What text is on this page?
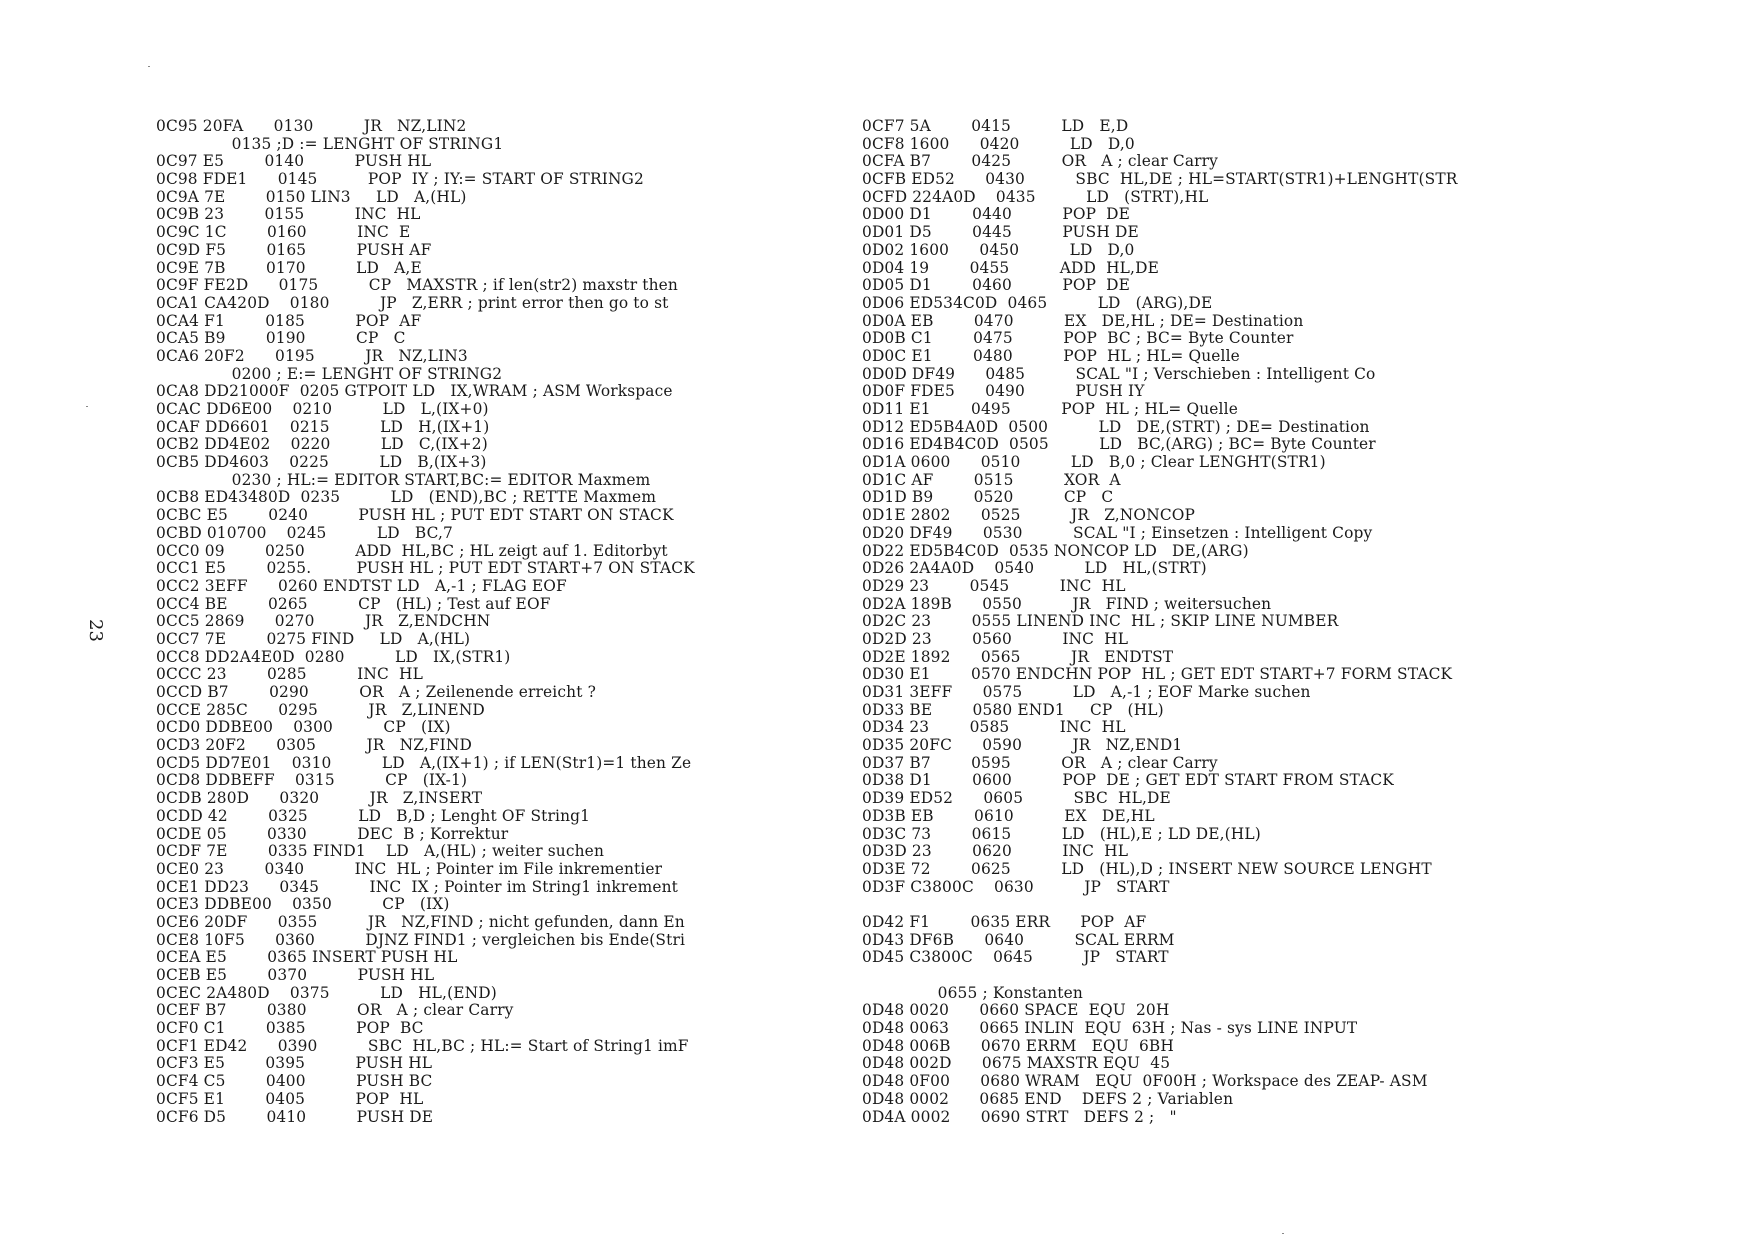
0C95 20FA      0130          JR   NZ,LIN2
0135 ;D := LENGHT OF STRING1
0C97 E5        0140          PUSH HL
0C98 FDE1      0145          POP  IY ; IY:= START OF STRING2
0C9A 7E        0150 LIN3     LD   A,(HL)
0C9B 23        0155          INC  HL
0C9C 1C        0160          INC  E
0C9D F5        0165          PUSH AF
0C9E 7B        0170          LD   A,E
0C9F FE2D      0175          CP   MAXSTR ; if len(str2) maxstr then
0CA1 CA420D    0180          JP   Z,ERR ; print error then go to st
0CA4 F1        0185          POP  AF
0CA5 B9        0190          CP   C
0CA6 20F2      0195          JR   NZ,LIN3
0200 ; E:= LENGHT OF STRING2
0CA8 DD21000F  0205 GTPOIT LD   IX,WRAM ; ASM Workspace
0CAC DD6E00    0210          LD   L,(IX+0)
0CAF DD6601    0215          LD   H,(IX+1)
0CB2 DD4E02    0220          LD   C,(IX+2)
0CB5 DD4603    0225          LD   B,(IX+3)
0230 ; HL:= EDITOR START,BC:= EDITOR Maxmem
0CB8 ED43480D  0235          LD   (END),BC ; RETTE Maxmem
0CBC E5        0240          PUSH HL ; PUT EDT START ON STACK
0CBD 010700    0245          LD   BC,7
0CC0 09        0250          ADD  HL,BC ; HL zeigt auf 1. Editorbyt
0CC1 E5        0255.         PUSH HL ; PUT EDT START+7 ON STACK
0CC2 3EFF      0260 ENDTST LD   A,-1 ; FLAG EOF
0CC4 BE        0265          CP   (HL) ; Test auf EOF
0CC5 2869      0270          JR   Z,ENDCHN
0CC7 7E        0275 FIND     LD   A,(HL)
0CC8 DD2A4E0D  0280          LD   IX,(STR1)
0CCC 23        0285          INC  HL
0CCD B7        0290          OR   A ; Zeilenende erreicht ?
0CCE 285C      0295          JR   Z,LINEND
0CD0 DDBE00    0300          CP   (IX)
0CD3 20F2      0305          JR   NZ,FIND
0CD5 DD7E01    0310          LD   A,(IX+1) ; if LEN(Str1)=1 then Ze
0CD8 DDBEFF    0315          CP   (IX-1)
0CDB 280D      0320          JR   Z,INSERT
0CDD 42        0325          LD   B,D ; Lenght OF String1
0CDE 05        0330          DEC  B ; Korrektur
0CDF 7E        0335 FIND1    LD   A,(HL) ; weiter suchen
0CE0 23        0340          INC  HL ; Pointer im File inkrementier
0CE1 DD23      0345          INC  IX ; Pointer im String1 inkrement
0CE3 DDBE00    0350          CP   (IX)
0CE6 20DF      0355          JR   NZ,FIND ; nicht gefunden, dann En
0CE8 10F5      0360          DJNZ FIND1 ; vergleichen bis Ende(Stri
0CEA E5        0365 INSERT PUSH HL
0CEB E5        0370          PUSH HL
0CEC 2A480D    0375          LD   HL,(END)
0CEF B7        0380          OR   A ; clear Carry
0CF0 C1        0385          POP  BC
0CF1 ED42      0390          SBC  HL,BC ; HL:= Start of String1 imF
0CF3 E5        0395          PUSH HL
0CF4 C5        0400          PUSH BC
0CF5 E1        0405          POP  HL
0CF6 D5        0410          PUSH DE
0CF7 5A        0415          LD   E,D
0CF8 1600      0420          LD   D,0
0CFA B7        0425          OR   A ; clear Carry
0CFB ED52      0430          SBC  HL,DE ; HL=START(STR1)+LENGHT(STR
0CFD 224A0D    0435          LD   (STRT),HL
0D00 D1        0440          POP  DE
0D01 D5        0445          PUSH DE
0D02 1600      0450          LD   D,0
0D04 19        0455          ADD  HL,DE
0D05 D1        0460          POP  DE
0D06 ED534C0D  0465          LD   (ARG),DE
0D0A EB        0470          EX   DE,HL ; DE= Destination
0D0B C1        0475          POP  BC ; BC= Byte Counter
0D0C E1        0480          POP  HL ; HL= Quelle
0D0D DF49      0485          SCAL "I ; Verschieben : Intelligent Co
0D0F FDE5      0490          PUSH IY
0D11 E1        0495          POP  HL ; HL= Quelle
0D12 ED5B4A0D  0500          LD   DE,(STRT) ; DE= Destination
0D16 ED4B4C0D  0505          LD   BC,(ARG) ; BC= Byte Counter
0D1A 0600      0510          LD   B,0 ; Clear LENGHT(STR1)
0D1C AF        0515          XOR  A
0D1D B9        0520          CP   C
0D1E 2802      0525          JR   Z,NONCOP
0D20 DF49      0530          SCAL "I ; Einsetzen : Intelligent Copy
0D22 ED5B4C0D  0535 NONCOP LD   DE,(ARG)
0D26 2A4A0D    0540          LD   HL,(STRT)
0D29 23        0545          INC  HL
0D2A 189B      0550          JR   FIND ; weitersuchen
0D2C 23        0555 LINEND INC  HL ; SKIP LINE NUMBER
0D2D 23        0560          INC  HL
0D2E 1892      0565          JR   ENDTST
0D30 E1        0570 ENDCHN POP  HL ; GET EDT START+7 FORM STACK
0D31 3EFF      0575          LD   A,-1 ; EOF Marke suchen
0D33 BE        0580 END1     CP   (HL)
0D34 23        0585          INC  HL
0D35 20FC      0590          JR   NZ,END1
0D37 B7        0595          OR   A ; clear Carry
0D38 D1        0600          POP  DE ; GET EDT START FROM STACK
0D39 ED52      0605          SBC  HL,DE
0D3B EB        0610          EX   DE,HL
0D3C 73        0615          LD   (HL),E ; LD DE,(HL)
0D3D 23        0620          INC  HL
0D3E 72        0625          LD   (HL),D ; INSERT NEW SOURCE LENGHT
0D3F C3800C    0630          JP   START
0D42 F1        0635 ERR      POP  AF
0D43 DF6B      0640          SCAL ERRM
0D45 C3800C    0645          JP   START
0655 ; Konstanten
0D48 0020      0660 SPACE  EQU  20H
0D48 0063      0665 INLIN  EQU  63H ; Nas - sys LINE INPUT
0D48 006B      0670 ERRM   EQU  6BH
0D48 002D      0675 MAXSTR EQU  45
0D48 0F00      0680 WRAM   EQU  0F00H ; Workspace des ZEAP- ASM
0D48 0002      0685 END    DEFS 2 ; Variablen
0D4A 0002      0690 STRT   DEFS 2 ;   "
23
